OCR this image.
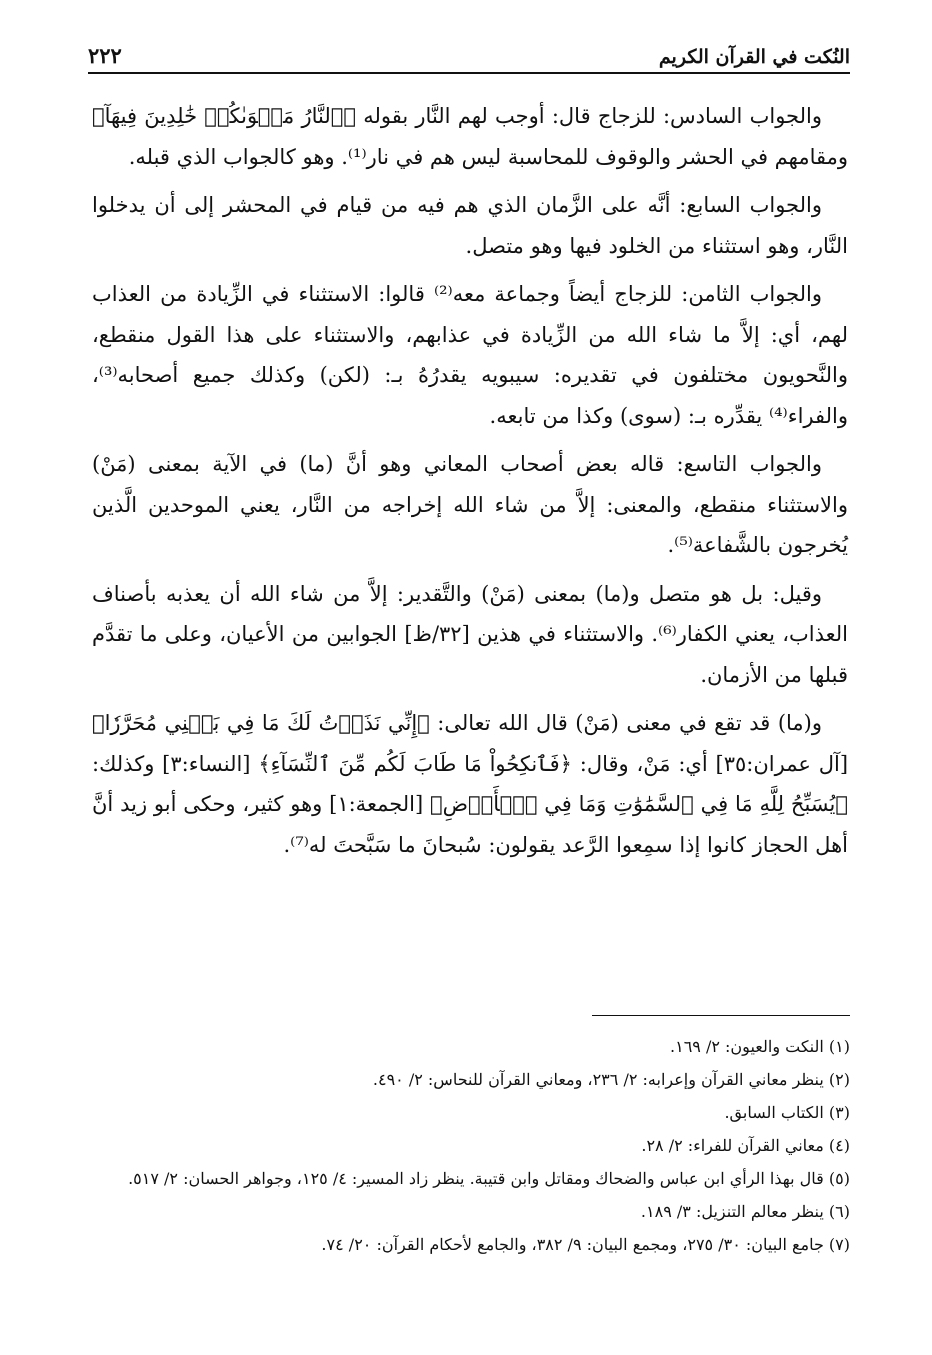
النُكت في القرآن الكريم
٢٢٢

والجواب السادس: للزجاج قال: أوجب لهم النَّار بقوله ﴿ٱلنَّارُ مَثۡوَىٰكُمۡ خَٰلِدِينَ فِيهَآ﴾ ومقامهم في الحشر والوقوف للمحاسبة ليس هم في نار⁽¹⁾. وهو كالجواب الذي قبله.

والجواب السابع: أنَّه على الزَّمان الذي هم فيه من قيام في المحشر إلى أن يدخلوا النَّار، وهو استثناء من الخلود فيها وهو متصل.

والجواب الثامن: للزجاج أيضاً وجماعة معه⁽²⁾ قالوا: الاستثناء في الزِّيادة من العذاب لهم، أي: إلاَّ ما شاء الله من الزِّيادة في عذابهم، والاستثناء على هذا القول منقطع، والنَّحويون مختلفون في تقديره: سيبويه يقدرُهُ بـ: (لكن) وكذلك جميع أصحابه⁽³⁾، والفراء⁽⁴⁾ يقدِّره بـ: (سوى) وكذا من تابعه.

والجواب التاسع: قاله بعض أصحاب المعاني وهو أنَّ (ما) في الآية بمعنى (مَنْ) والاستثناء منقطع، والمعنى: إلاَّ من شاء الله إخراجه من النَّار، يعني الموحدين الَّذين يُخرجون بالشَّفاعة⁽⁵⁾.

وقيل: بل هو متصل و(ما) بمعنى (مَنْ) والتَّقدير: إلاَّ من شاء الله أن يعذبه بأصناف العذاب، يعني الكفار⁽⁶⁾. والاستثناء في هذين [٣٢/ظ] الجوابين من الأعيان، وعلى ما تقدَّم قبلها من الأزمان.

و(ما) قد تقع في معنى (مَنْ) قال الله تعالى: ﴿إِنِّي نَذَرۡتُ لَكَ مَا فِي بَطۡنِي مُحَرَّرٗا﴾ [آل عمران:٣٥] أي: مَنْ، وقال: ﴿فَٱنكِحُواْ مَا طَابَ لَكُم مِّنَ ٱلنِّسَآءِ﴾ [النساء:٣] وكذلك: ﴿يُسَبِّحُ لِلَّهِ مَا فِي ٱلسَّمَٰوَٰتِ وَمَا فِي ٱلۡأَرۡضِ﴾ [الجمعة:١] وهو كثير، وحكى أبو زيد أنَّ أهل الحجاز كانوا إذا سمِعوا الرَّعد يقولون: سُبحانَ ما سَبَّحتَ له⁽⁷⁾.

(١) النكت والعيون: ٢/ ١٦٩.

(٢) ينظر معاني القرآن وإعرابه: ٢/ ٢٣٦، ومعاني القرآن للنحاس: ٢/ ٤٩٠.

(٣) الكتاب السابق.

(٤) معاني القرآن للفراء: ٢/ ٢٨.

(٥) قال بهذا الرأي ابن عباس والضحاك ومقاتل وابن قتيبة. ينظر زاد المسير: ٤/ ١٢٥، وجواهر الحسان: ٢/ ٥١٧.

(٦) ينظر معالم التنزيل: ٣/ ١٨٩.

(٧) جامع البيان: ٣٠/ ٢٧٥، ومجمع البيان: ٩/ ٣٨٢، والجامع لأحكام القرآن: ٢٠/ ٧٤.
